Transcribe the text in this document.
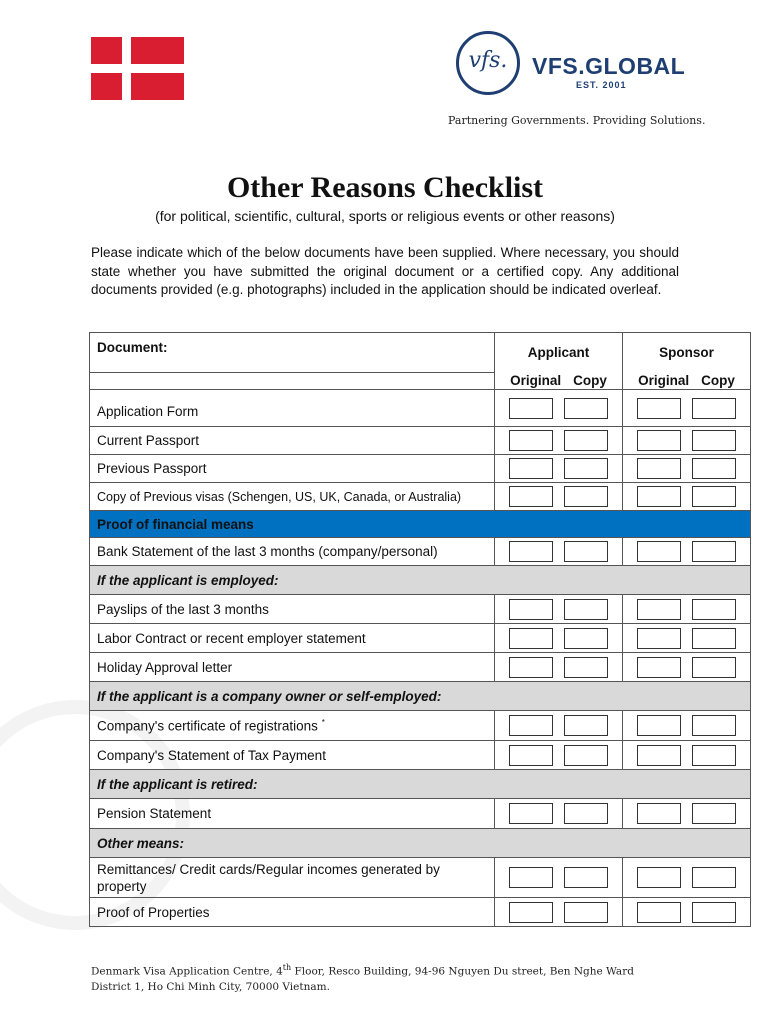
vfs.	VFS.GLOBAL
EST. 2001
Partnering Governments. Providing Solutions.
Other Reasons Checklist
(for political, scientific, cultural, sports or religious events or other reasons)
Please indicate which of the below documents have been supplied. Where necessary, you should state whether you have submitted the original document or a certified copy. Any additional documents provided (e.g. photographs) included in the application should be indicated overleaf.
Document:	Applicant	Sponsor
	Original Copy	Original Copy
Application Form	

Current Passport	

Previous Passport	

Copy of Previous visas (Schengen, US, UK, Canada, or Australia)	

Proof of financial means		
Bank Statement of the last 3 months (company/personal)	

If the applicant is employed:		
Payslips of the last 3 months	

Labor Contract or recent employer statement	

Holiday Approval letter	

If the applicant is a company owner or self-employed:		
Company's certificate of registrations *	

Company's Statement of Tax Payment	

If the applicant is retired:		
Pension Statement	

Other means:		
Remittances/ Credit cards/Regular incomes generated by property	

Proof of Properties	

Denmark Visa Application Centre, 4th Floor, Resco Building, 94-96 Nguyen Du street, Ben Nghe Ward
District 1, Ho Chi Minh City, 70000 Vietnam.
